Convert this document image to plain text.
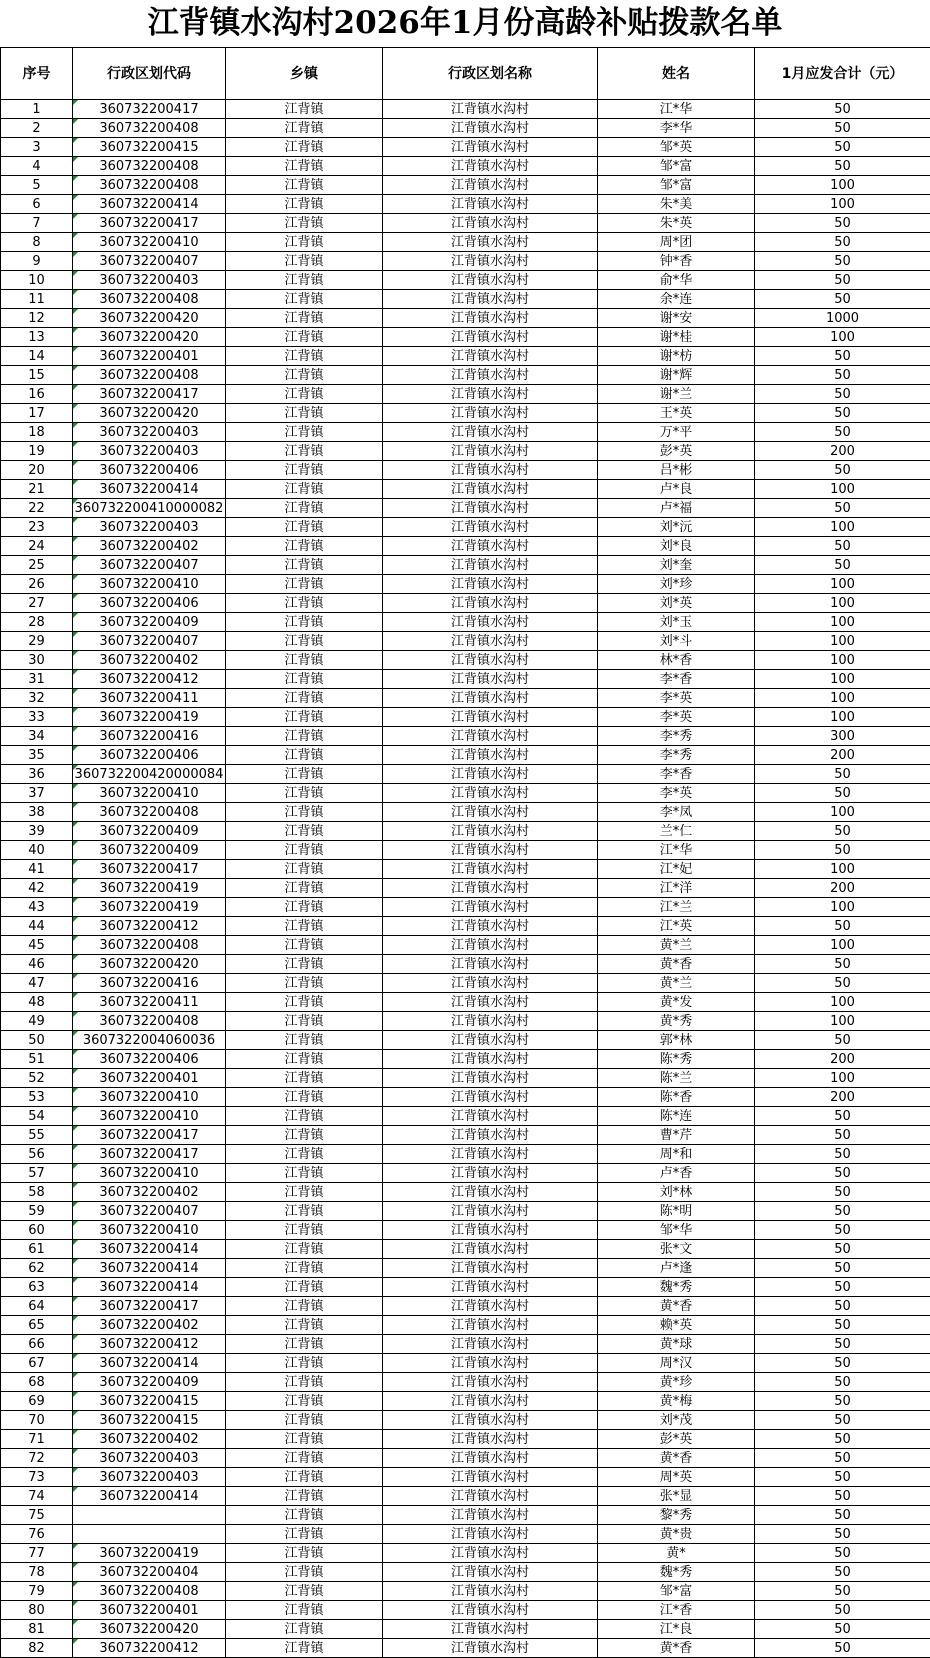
江背镇水沟村2026年1月份高龄补贴拨款名单
序号	行政区划代码	乡镇	行政区划名称	姓名	1月应发合计（元）
1	360732200417	江背镇	江背镇水沟村	江*华	50
2	360732200408	江背镇	江背镇水沟村	李*华	50
3	360732200415	江背镇	江背镇水沟村	邹*英	50
4	360732200408	江背镇	江背镇水沟村	邹*富	50
5	360732200408	江背镇	江背镇水沟村	邹*富	100
6	360732200414	江背镇	江背镇水沟村	朱*美	100
7	360732200417	江背镇	江背镇水沟村	朱*英	50
8	360732200410	江背镇	江背镇水沟村	周*团	50
9	360732200407	江背镇	江背镇水沟村	钟*香	50
10	360732200403	江背镇	江背镇水沟村	俞*华	50
11	360732200408	江背镇	江背镇水沟村	余*连	50
12	360732200420	江背镇	江背镇水沟村	谢*安	1000
13	360732200420	江背镇	江背镇水沟村	谢*桂	100
14	360732200401	江背镇	江背镇水沟村	谢*枋	50
15	360732200408	江背镇	江背镇水沟村	谢*辉	50
16	360732200417	江背镇	江背镇水沟村	谢*兰	50
17	360732200420	江背镇	江背镇水沟村	王*英	50
18	360732200403	江背镇	江背镇水沟村	万*平	50
19	360732200403	江背镇	江背镇水沟村	彭*英	200
20	360732200406	江背镇	江背镇水沟村	吕*彬	50
21	360732200414	江背镇	江背镇水沟村	卢*良	100
22	360732200410000082	江背镇	江背镇水沟村	卢*福	50
23	360732200403	江背镇	江背镇水沟村	刘*沅	100
24	360732200402	江背镇	江背镇水沟村	刘*良	50
25	360732200407	江背镇	江背镇水沟村	刘*奎	50
26	360732200410	江背镇	江背镇水沟村	刘*珍	100
27	360732200406	江背镇	江背镇水沟村	刘*英	100
28	360732200409	江背镇	江背镇水沟村	刘*玉	100
29	360732200407	江背镇	江背镇水沟村	刘*斗	100
30	360732200402	江背镇	江背镇水沟村	林*香	100
31	360732200412	江背镇	江背镇水沟村	李*香	100
32	360732200411	江背镇	江背镇水沟村	李*英	100
33	360732200419	江背镇	江背镇水沟村	李*英	100
34	360732200416	江背镇	江背镇水沟村	李*秀	300
35	360732200406	江背镇	江背镇水沟村	李*秀	200
36	360732200420000084	江背镇	江背镇水沟村	李*香	50
37	360732200410	江背镇	江背镇水沟村	李*英	50
38	360732200408	江背镇	江背镇水沟村	李*凤	100
39	360732200409	江背镇	江背镇水沟村	兰*仁	50
40	360732200409	江背镇	江背镇水沟村	江*华	50
41	360732200417	江背镇	江背镇水沟村	江*妃	100
42	360732200419	江背镇	江背镇水沟村	江*洋	200
43	360732200419	江背镇	江背镇水沟村	江*兰	100
44	360732200412	江背镇	江背镇水沟村	江*英	50
45	360732200408	江背镇	江背镇水沟村	黄*兰	100
46	360732200420	江背镇	江背镇水沟村	黄*香	50
47	360732200416	江背镇	江背镇水沟村	黄*兰	50
48	360732200411	江背镇	江背镇水沟村	黄*发	100
49	360732200408	江背镇	江背镇水沟村	黄*秀	100
50	3607322004060036	江背镇	江背镇水沟村	郭*林	50
51	360732200406	江背镇	江背镇水沟村	陈*秀	200
52	360732200401	江背镇	江背镇水沟村	陈*兰	100
53	360732200410	江背镇	江背镇水沟村	陈*香	200
54	360732200410	江背镇	江背镇水沟村	陈*连	50
55	360732200417	江背镇	江背镇水沟村	曹*芹	50
56	360732200417	江背镇	江背镇水沟村	周*和	50
57	360732200410	江背镇	江背镇水沟村	卢*香	50
58	360732200402	江背镇	江背镇水沟村	刘*林	50
59	360732200407	江背镇	江背镇水沟村	陈*明	50
60	360732200410	江背镇	江背镇水沟村	邹*华	50
61	360732200414	江背镇	江背镇水沟村	张*文	50
62	360732200414	江背镇	江背镇水沟村	卢*逢	50
63	360732200414	江背镇	江背镇水沟村	魏*秀	50
64	360732200417	江背镇	江背镇水沟村	黄*香	50
65	360732200402	江背镇	江背镇水沟村	赖*英	50
66	360732200412	江背镇	江背镇水沟村	黄*球	50
67	360732200414	江背镇	江背镇水沟村	周*汉	50
68	360732200409	江背镇	江背镇水沟村	黄*珍	50
69	360732200415	江背镇	江背镇水沟村	黄*梅	50
70	360732200415	江背镇	江背镇水沟村	刘*茂	50
71	360732200402	江背镇	江背镇水沟村	彭*英	50
72	360732200403	江背镇	江背镇水沟村	黄*香	50
73	360732200403	江背镇	江背镇水沟村	周*英	50
74	360732200414	江背镇	江背镇水沟村	张*显	50
75		江背镇	江背镇水沟村	黎*秀	50
76		江背镇	江背镇水沟村	黄*贵	50
77	360732200419	江背镇	江背镇水沟村	黄*	50
78	360732200404	江背镇	江背镇水沟村	魏*秀	50
79	360732200408	江背镇	江背镇水沟村	邹*富	50
80	360732200401	江背镇	江背镇水沟村	江*香	50
81	360732200420	江背镇	江背镇水沟村	江*良	50
82	360732200412	江背镇	江背镇水沟村	黄*香	50
